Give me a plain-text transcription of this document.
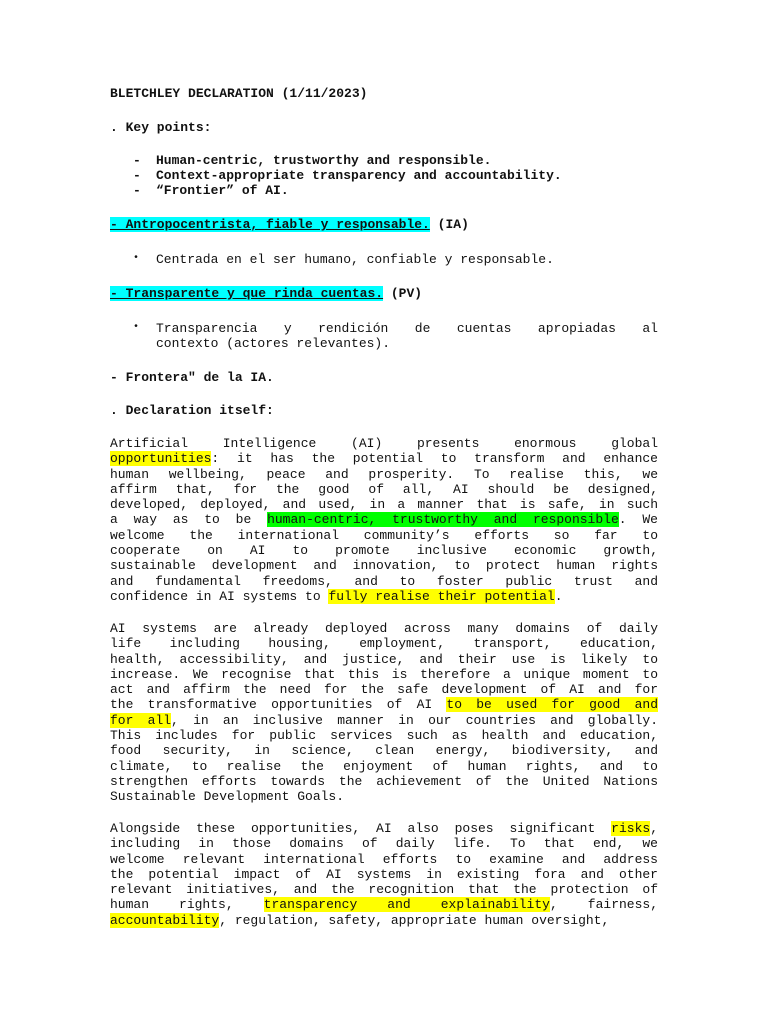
BLETCHLEY DECLARATION (1/11/2023)
. Key points:
- Human-centric, trustworthy and responsible.
- Context-appropriate transparency and accountability.
- “Frontier” of AI.
- Antropocentrista, fiable y responsable. (IA)
• Centrada en el ser humano, confiable y responsable.
- Transparente y que rinda cuentas. (PV)
• Transparencia y rendición de cuentas apropiadas al
contexto (actores relevantes).
- Frontera" de la IA.
. Declaration itself:
Artificial Intelligence (AI) presents enormous global
opportunities: it has the potential to transform and enhance
human wellbeing, peace and prosperity. To realise this, we
affirm that, for the good of all, AI should be designed,
developed, deployed, and used, in a manner that is safe, in such
a way as to be human-centric, trustworthy and responsible. We
welcome the international community’s efforts so far to
cooperate on AI to promote inclusive economic growth,
sustainable development and innovation, to protect human rights
and fundamental freedoms, and to foster public trust and
confidence in AI systems to fully realise their potential.
AI systems are already deployed across many domains of daily
life including housing, employment, transport, education,
health, accessibility, and justice, and their use is likely to
increase. We recognise that this is therefore a unique moment to
act and affirm the need for the safe development of AI and for
the transformative opportunities of AI to be used for good and
for all, in an inclusive manner in our countries and globally.
This includes for public services such as health and education,
food security, in science, clean energy, biodiversity, and
climate, to realise the enjoyment of human rights, and to
strengthen efforts towards the achievement of the United Nations
Sustainable Development Goals.
Alongside these opportunities, AI also poses significant risks,
including in those domains of daily life. To that end, we
welcome relevant international efforts to examine and address
the potential impact of AI systems in existing fora and other
relevant initiatives, and the recognition that the protection of
human rights, transparency and explainability, fairness,
accountability, regulation, safety, appropriate human oversight,
